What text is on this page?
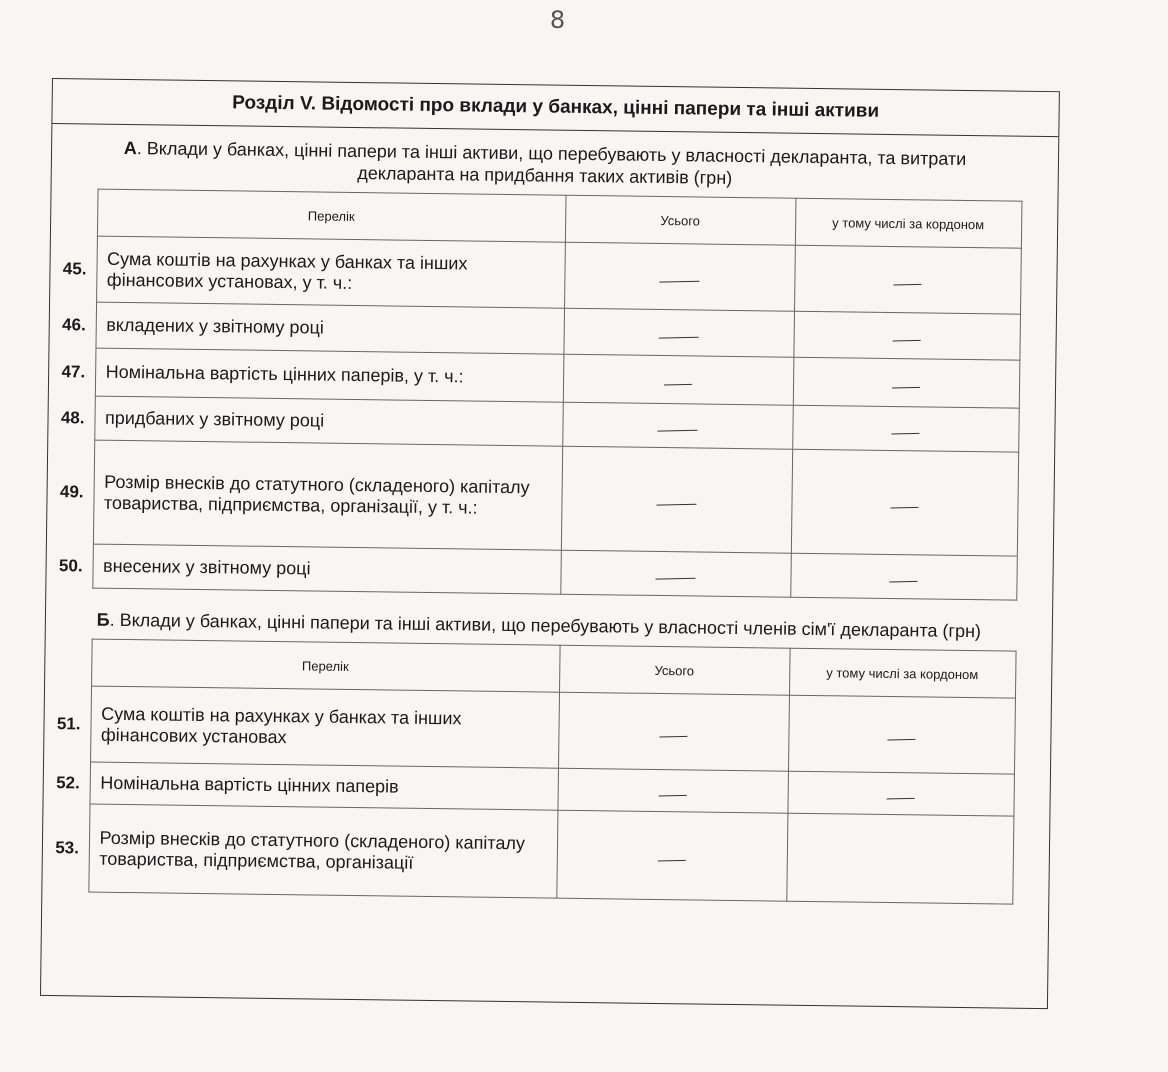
8
Розділ V. Відомості про вклади у банках, цінні папери та інші активи
А. Вклади у банках, цінні папери та інші активи, що перебувають у власності декларанта, та витрати декларанта на придбання таких активів (грн)
	Перелік	Усього	у тому числі за кордоном

45.	Сума коштів на рахунках у банках та інших фінансових установах, у т. ч.:		

46.	вкладених у звітному році		

47.	Номінальна вартість цінних паперів, у т. ч.:		

48.	придбаних у звітному році		

49.	Розмір внесків до статутного (складеного) капіталу товариства, підприємства, організації, у т. ч.:		

50.	внесених у звітному році		
Б. Вклади у банках, цінні папери та інші активи, що перебувають у власності членів сім'ї декларанта (грн)
	Перелік	Усього	у тому числі за кордоном

51.	Сума коштів на рахунках у банках та інших фінансових установах		

52.	Номінальна вартість цінних паперів		

53.	Розмір внесків до статутного (складеного) капіталу товариства, підприємства, організації		
